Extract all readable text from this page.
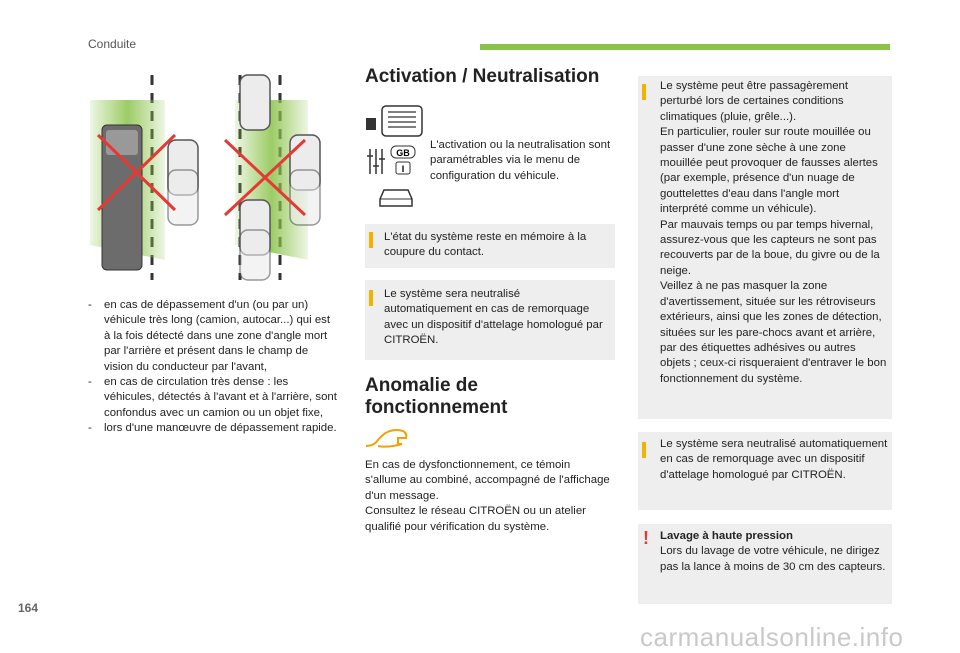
Conduite
-	en cas de dépassement d'un (ou par un) véhicule très long (camion, autocar...) qui est à la fois détecté dans une zone d'angle mort par l'arrière et présent dans le champ de vision du conducteur par l'avant,
-	en cas de circulation très dense : les véhicules, détectés à l'avant et à l'arrière, sont confondus avec un camion ou un objet fixe,
-	lors d'une manœuvre de dépassement rapide.
Activation / Neutralisation
GB
I
L'activation ou la neutralisation sont paramétrables via le menu de configuration du véhicule.
L'état du système reste en mémoire à la coupure du contact.
Le système sera neutralisé automatiquement en cas de remorquage avec un dispositif d'attelage homologué par CITROËN.
Anomalie de fonctionnement
En cas de dysfonctionnement, ce témoin s'allume au combiné, accompagné de l'affichage d'un message.
Consultez le réseau CITROËN ou un atelier qualifié pour vérification du système.
Le système peut être passagèrement perturbé lors de certaines conditions climatiques (pluie, grêle...).
En particulier, rouler sur route mouillée ou passer d'une zone sèche à une zone mouillée peut provoquer de fausses alertes (par exemple, présence d'un nuage de gouttelettes d'eau dans l'angle mort interprété comme un véhicule).
Par mauvais temps ou par temps hivernal, assurez-vous que les capteurs ne sont pas recouverts par de la boue, du givre ou de la neige.
Veillez à ne pas masquer la zone d'avertissement, située sur les rétroviseurs extérieurs, ainsi que les zones de détection, situées sur les pare-chocs avant et arrière, par des étiquettes adhésives ou autres objets ; ceux-ci risqueraient d'entraver le bon fonctionnement du système.
Le système sera neutralisé automatiquement en cas de remorquage avec un dispositif d'attelage homologué par CITROËN.
! Lavage à haute pression
Lors du lavage de votre véhicule, ne dirigez pas la lance à moins de 30 cm des capteurs.
164
carmanualsonline.info
